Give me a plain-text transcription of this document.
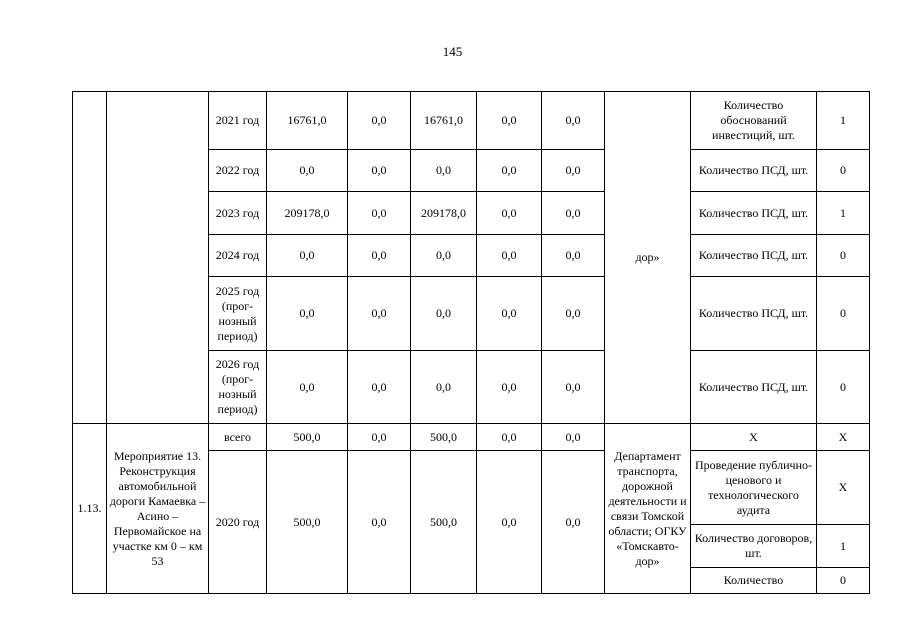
145
		2021 год	16761,0	0,0	16761,0	0,0	0,0	дор»	Количество обоснований инвестиций, шт.	1
		2022 год	0,0	0,0	0,0	0,0	0,0		Количество ПСД, шт.	0
		2023 год	209178,0	0,0	209178,0	0,0	0,0		Количество ПСД, шт.	1
		2024 год	0,0	0,0	0,0	0,0	0,0		Количество ПСД, шт.	0
		2025 год (прог-нозный период)	0,0	0,0	0,0	0,0	0,0		Количество ПСД, шт.	0
		2026 год (прог-нозный период)	0,0	0,0	0,0	0,0	0,0		Количество ПСД, шт.	0
1.13.	Мероприятие 13. Реконструкция автомобильной дороги Камаевка – Асино – Первомайское на участке км 0 – км 53	всего	500,0	0,0	500,0	0,0	0,0	Департамент транспорта, дорожной деятельности и связи Томской области; ОГКУ «Томскавто-дор»	Х	Х
		2020 год	500,0	0,0	500,0	0,0	0,0		Проведение публично-ценового и технологического аудита	Х
									Количество договоров, шт.	1
									Количество	0
